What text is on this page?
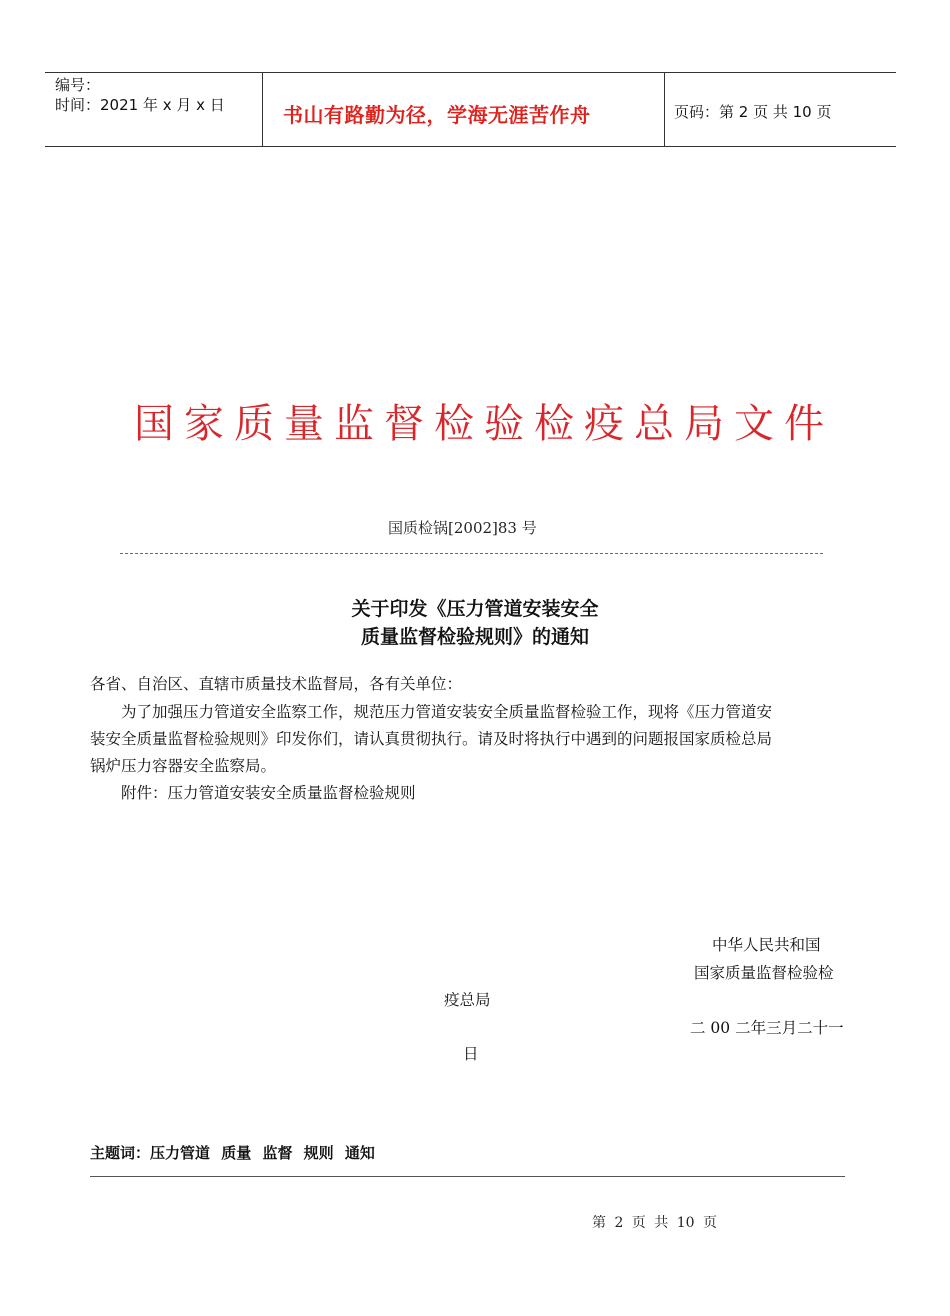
编号：
时间：2021 年 x 月 x 日	书山有路勤为径，学海无涯苦作舟	页码：第 2 页 共 10 页
国家质量监督检验检疫总局文件
国质检锅[2002]83 号
关于印发《压力管道安装安全
质量监督检验规则》的通知
各省、自治区、直辖市质量技术监督局，各有关单位：
为了加强压力管道安全监察工作，规范压力管道安装安全质量监督检验工作，现将《压力管道安
装安全质量监督检验规则》印发你们，请认真贯彻执行。请及时将执行中遇到的问题报国家质检总局
锅炉压力容器安全监察局。
附件：压力管道安装安全质量监督检验规则
中华人民共和国
国家质量监督检验检
疫总局
二 00 二年三月二十一
日
主题词：压力管道 质量 监督 规则 通知
第 2 页 共 10 页
